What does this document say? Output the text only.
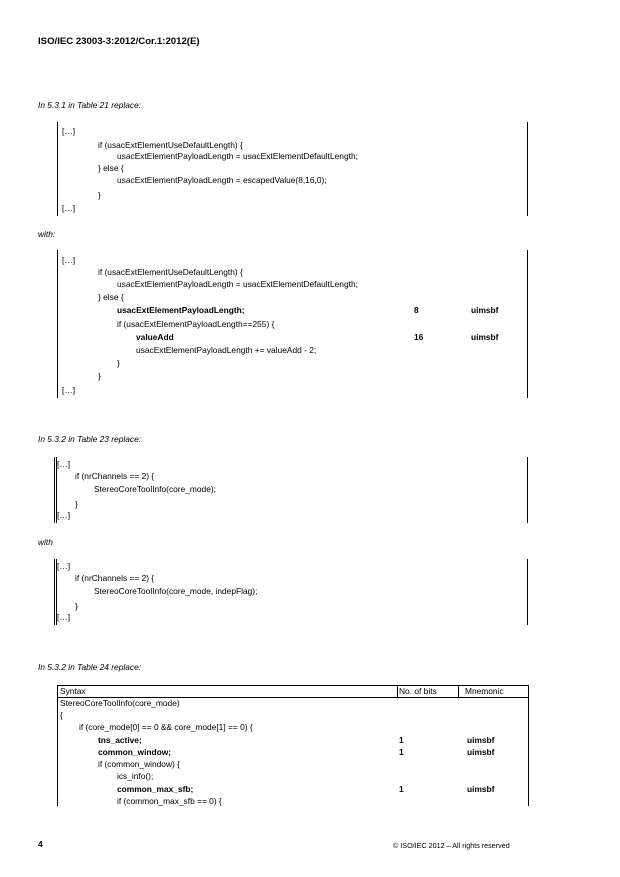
ISO/IEC 23003-3:2012/Cor.1:2012(E)
In 5.3.1 in Table 21 replace:
[…]
if (usacExtElementUseDefaultLength) {
usacExtElementPayloadLength = usacExtElementDefaultLength;
} else {
usacExtElementPayloadLength = escapedValue(8,16,0);
}
[…]
with:
[…]
if (usacExtElementUseDefaultLength) {
usacExtElementPayloadLength = usacExtElementDefaultLength;
} else {
usacExtElementPayloadLength;	8	uimsbf
if (usacExtElementPayloadLength==255) {
valueAdd	16	uimsbf
usacExtElementPayloadLength += valueAdd - 2;
}
}
[…]
In 5.3.2 in Table 23 replace:
[…]
if (nrChannels == 2) {
StereoCoreToolInfo(core_mode);
}
[…]
with
[…]
if (nrChannels == 2) {
StereoCoreToolInfo(core_mode, indepFlag);
}
[…]
In 5.3.2 in Table 24 replace:
Syntax	No. of bits	Mnemonic
StereoCoreToolInfo(core_mode)
{
if (core_mode[0] == 0 && core_mode[1] == 0) {
tns_active;	1	uimsbf
common_window;	1	uimsbf
if (common_window) {
ics_info();
common_max_sfb;	1	uimsbf
if (common_max_sfb == 0) {
4	© ISO/IEC 2012 – All rights reserved
